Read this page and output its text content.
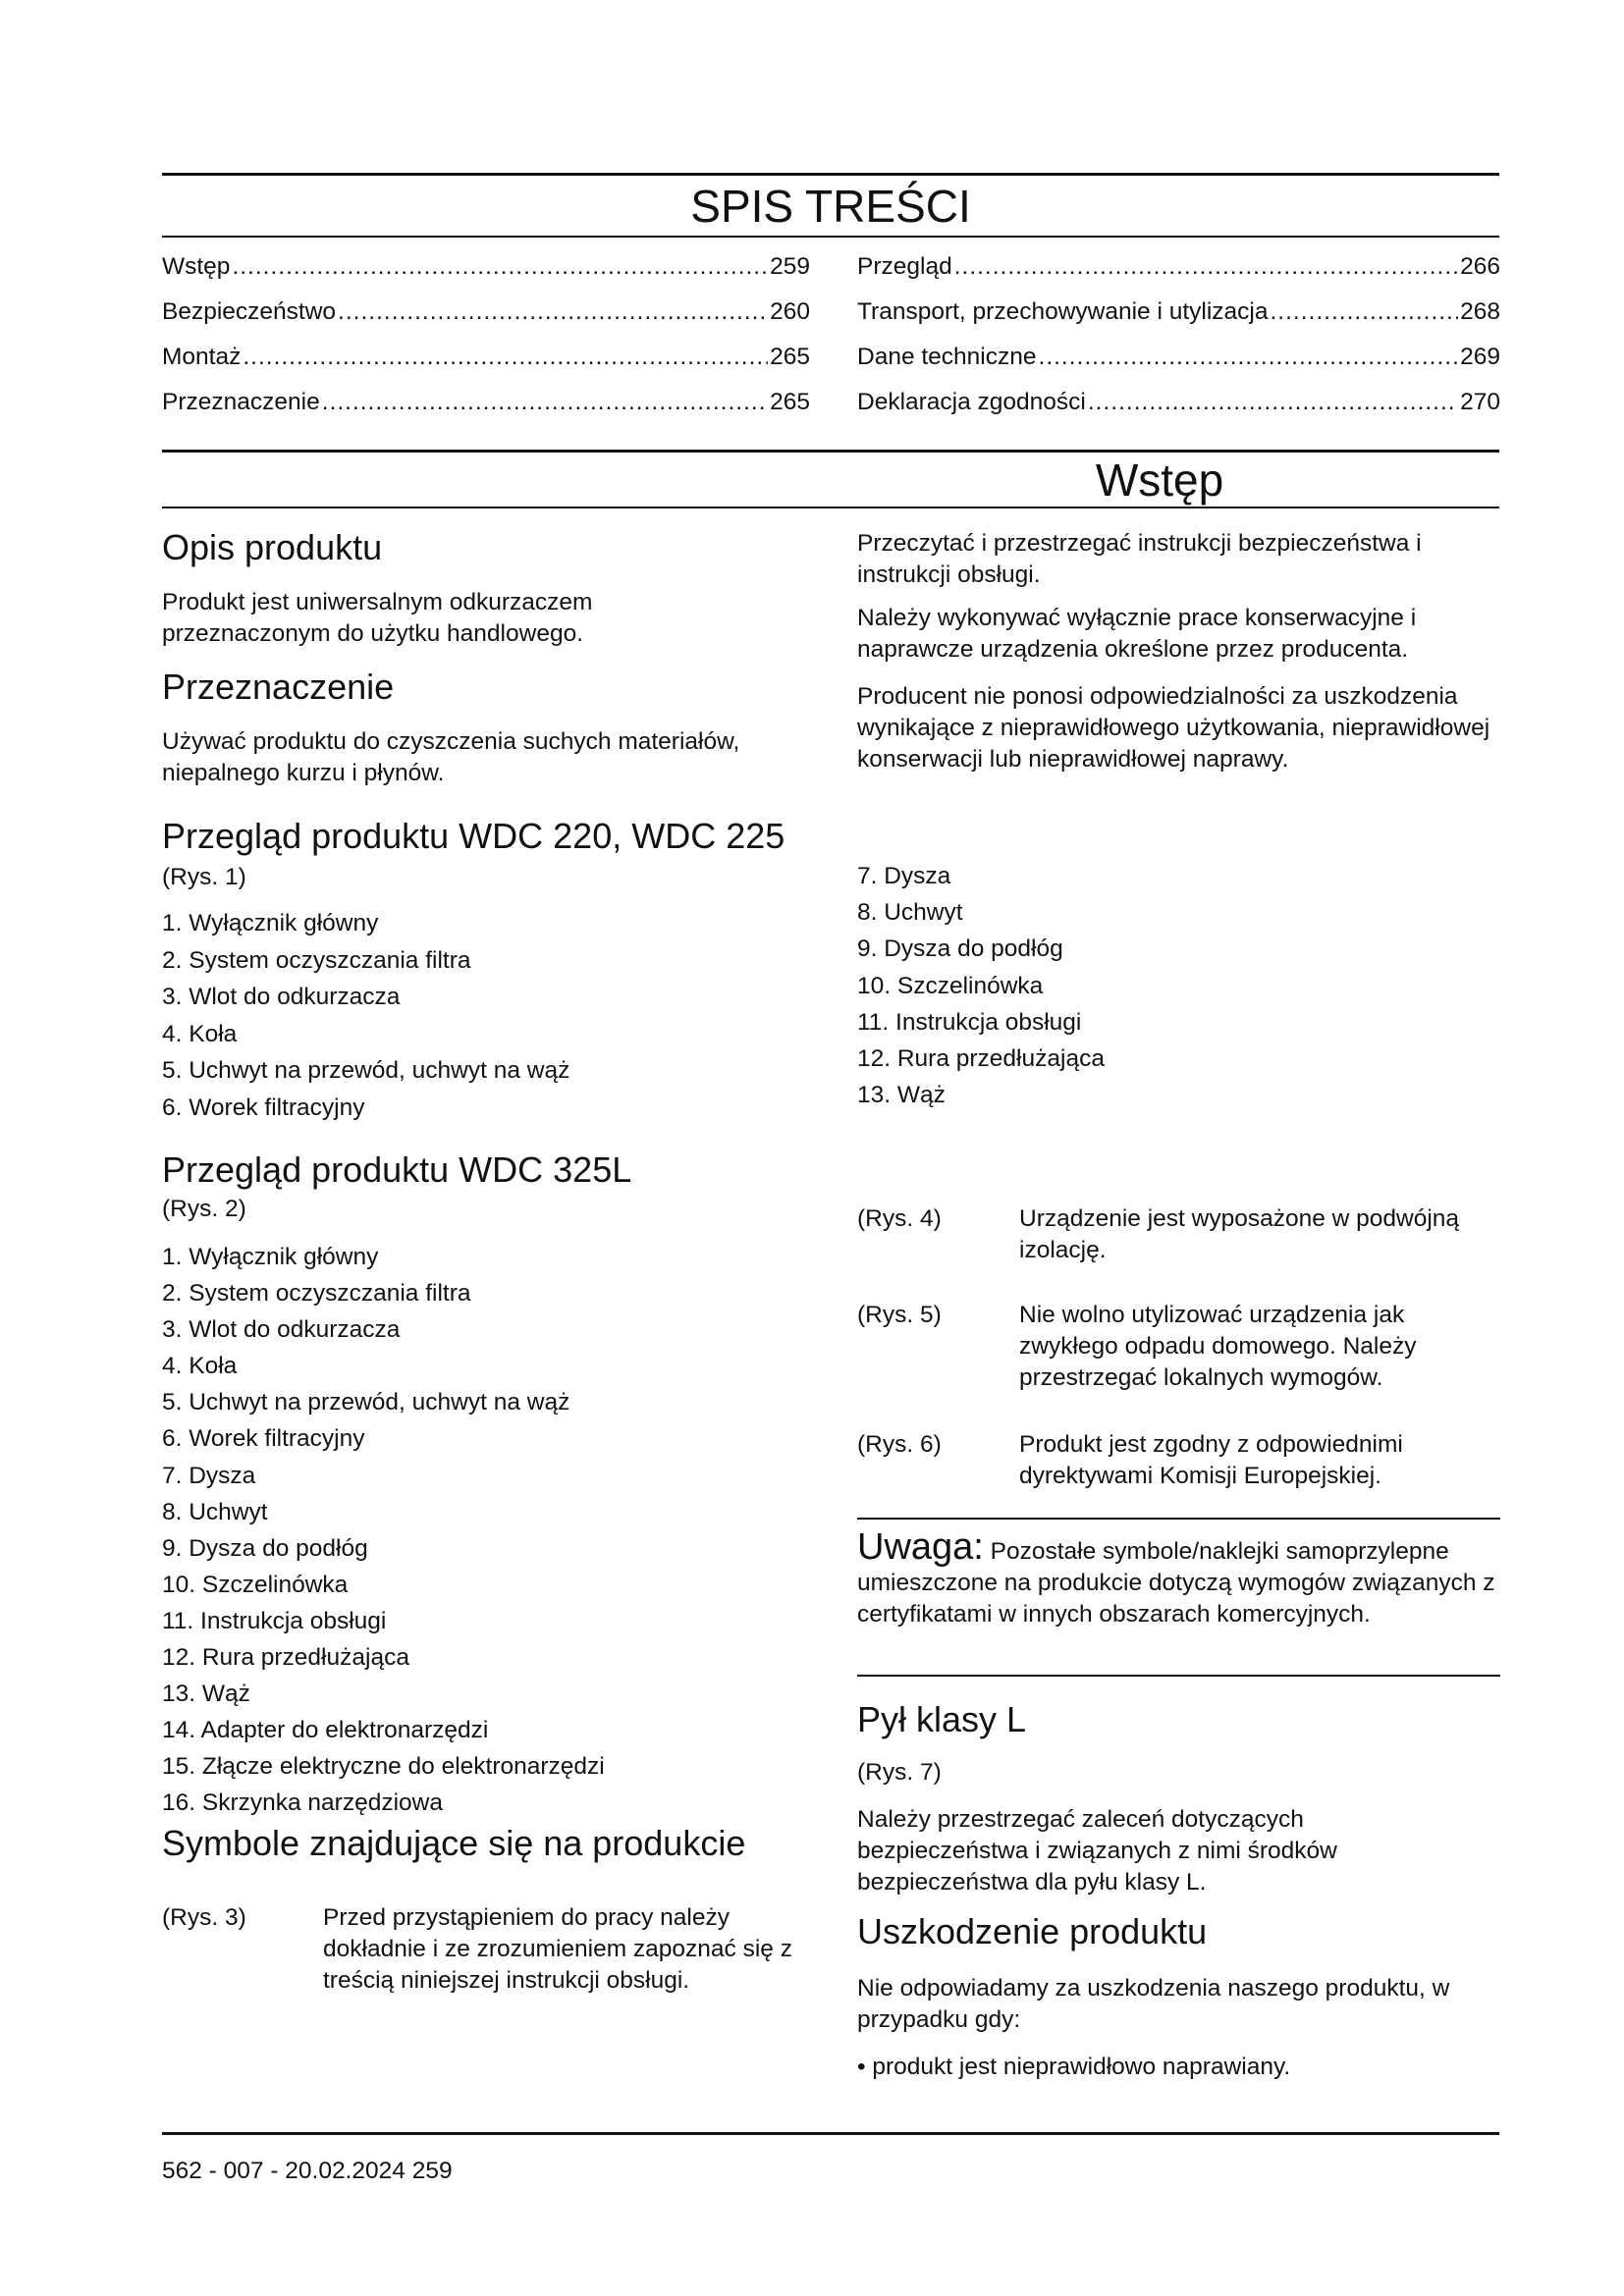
SPIS TREŚCI
Wstęp .....	259
Bezpieczeństwo .....	260
Montaż .....	265
Przeznaczenie .....	265
Przegląd .....	266
Transport, przechowywanie i utylizacja .....	268
Dane techniczne .....	269
Deklaracja zgodności .....	270
Wstęp
Opis produktu
Produkt jest uniwersalnym odkurzaczem przeznaczonym do użytku handlowego.
Przeznaczenie
Używać produktu do czyszczenia suchych materiałów, niepalnego kurzu i płynów.
Przegląd produktu WDC 220, WDC 225
(Rys. 1)
1. Wyłącznik główny
2. System oczyszczania filtra
3. Wlot do odkurzacza
4. Koła
5. Uchwyt na przewód, uchwyt na wąż
6. Worek filtracyjny
Przegląd produktu WDC 325L
(Rys. 2)
1. Wyłącznik główny
2. System oczyszczania filtra
3. Wlot do odkurzacza
4. Koła
5. Uchwyt na przewód, uchwyt na wąż
6. Worek filtracyjny
7. Dysza
8. Uchwyt
9. Dysza do podłóg
10. Szczelinówka
11. Instrukcja obsługi
12. Rura przedłużająca
13. Wąż
14. Adapter do elektronarzędzi
15. Złącze elektryczne do elektronarzędzi
16. Skrzynka narzędziowa
Symbole znajdujące się na produkcie
(Rys. 3)	Przed przystąpieniem do pracy należy dokładnie i ze zrozumieniem zapoznać się z treścią niniejszej instrukcji obsługi.
Przeczytać i przestrzegać instrukcji bezpieczeństwa i instrukcji obsługi.
Należy wykonywać wyłącznie prace konserwacyjne i naprawcze urządzenia określone przez producenta.
Producent nie ponosi odpowiedzialności za uszkodzenia wynikające z nieprawidłowego użytkowania, nieprawidłowej konserwacji lub nieprawidłowej naprawy.
7. Dysza
8. Uchwyt
9. Dysza do podłóg
10. Szczelinówka
11. Instrukcja obsługi
12. Rura przedłużająca
13. Wąż
(Rys. 4)	Urządzenie jest wyposażone w podwójną izolację.
(Rys. 5)	Nie wolno utylizować urządzenia jak zwykłego odpadu domowego. Należy przestrzegać lokalnych wymogów.
(Rys. 6)	Produkt jest zgodny z odpowiednimi dyrektywami Komisji Europejskiej.
Uwaga: Pozostałe symbole/naklejki samoprzylepne umieszczone na produkcie dotyczą wymogów związanych z certyfikatami w innych obszarach komercyjnych.
Pył klasy L
(Rys. 7)
Należy przestrzegać zaleceń dotyczących bezpieczeństwa i związanych z nimi środków bezpieczeństwa dla pyłu klasy L.
Uszkodzenie produktu
Nie odpowiadamy za uszkodzenia naszego produktu, w przypadku gdy:
• produkt jest nieprawidłowo naprawiany.
562 - 007 - 20.02.2024 259
